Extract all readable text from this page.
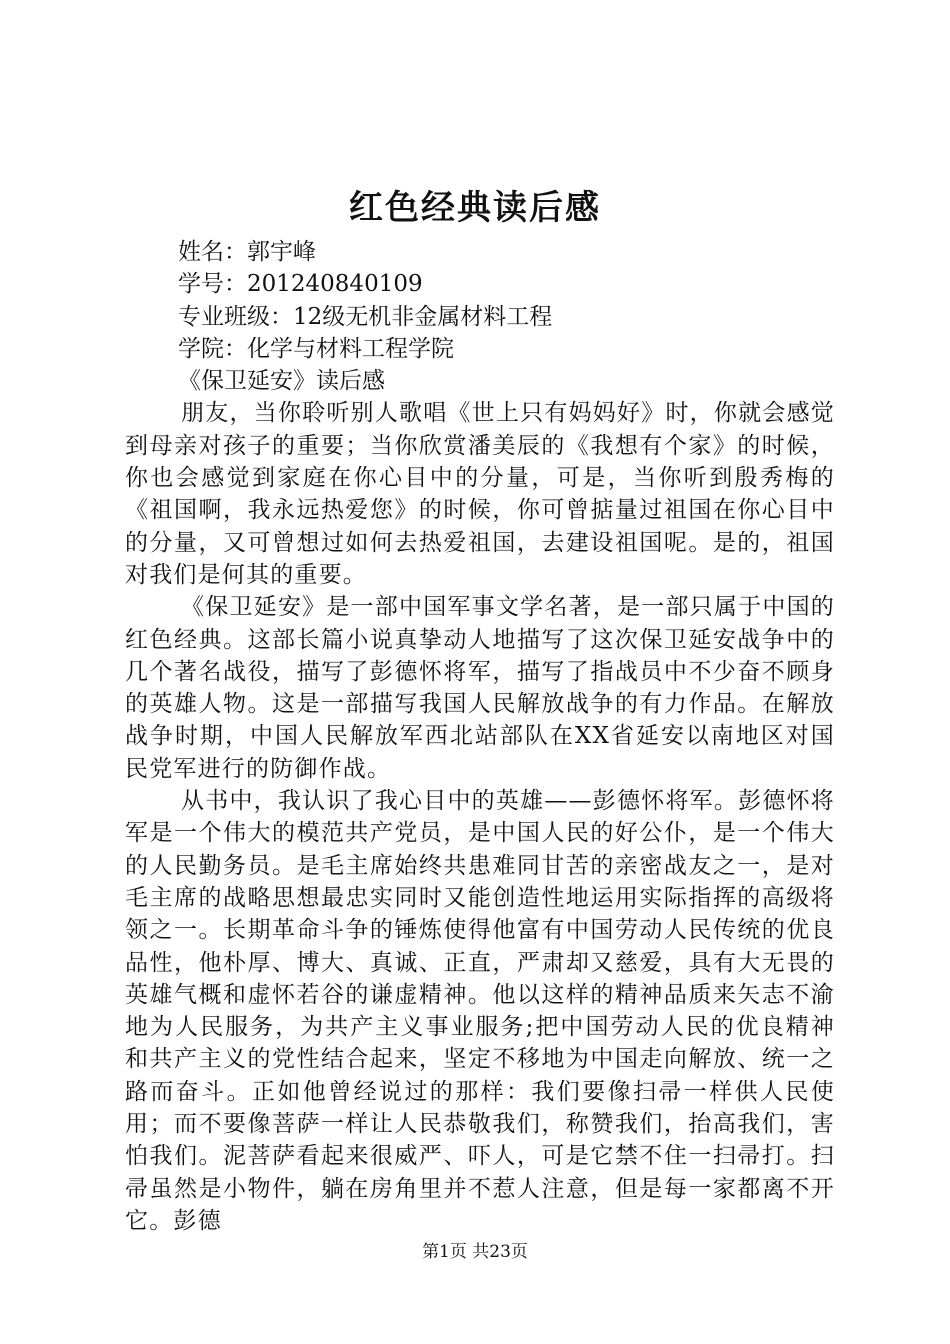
红色经典读后感

姓名：郭宇峰

学号：201240840109

专业班级：12级无机非金属材料工程

学院：化学与材料工程学院

《保卫延安》读后感

朋友，当你聆听别人歌唱《世上只有妈妈好》时，你就会感觉到母亲对孩子的重要；当你欣赏潘美辰的《我想有个家》的时候，你也会感觉到家庭在你心目中的分量，可是，当你听到殷秀梅的《祖国啊，我永远热爱您》的时候，你可曾掂量过祖国在你心目中的分量，又可曾想过如何去热爱祖国，去建设祖国呢。是的，祖国对我们是何其的重要。

《保卫延安》是一部中国军事文学名著，是一部只属于中国的红色经典。这部长篇小说真挚动人地描写了这次保卫延安战争中的几个著名战役，描写了彭德怀将军，描写了指战员中不少奋不顾身的英雄人物。这是一部描写我国人民解放战争的有力作品。在解放战争时期，中国人民解放军西北站部队在XX省延安以南地区对国民党军进行的防御作战。

从书中，我认识了我心目中的英雄——彭德怀将军。彭德怀将军是一个伟大的模范共产党员，是中国人民的好公仆，是一个伟大的人民勤务员。是毛主席始终共患难同甘苦的亲密战友之一，是对毛主席的战略思想最忠实同时又能创造性地运用实际指挥的高级将领之一。长期革命斗争的锤炼使得他富有中国劳动人民传统的优良品性，他朴厚、博大、真诚、正直，严肃却又慈爱，具有大无畏的英雄气概和虚怀若谷的谦虚精神。他以这样的精神品质来矢志不渝地为人民服务，为共产主义事业服务;把中国劳动人民的优良精神和共产主义的党性结合起来，坚定不移地为中国走向解放、统一之路而奋斗。正如他曾经说过的那样：我们要像扫帚一样供人民使用；而不要像菩萨一样让人民恭敬我们，称赞我们，抬高我们，害怕我们。泥菩萨看起来很威严、吓人，可是它禁不住一扫帚打。扫帚虽然是小物件，躺在房角里并不惹人注意，但是每一家都离不开它。彭德

第1页 共23页
